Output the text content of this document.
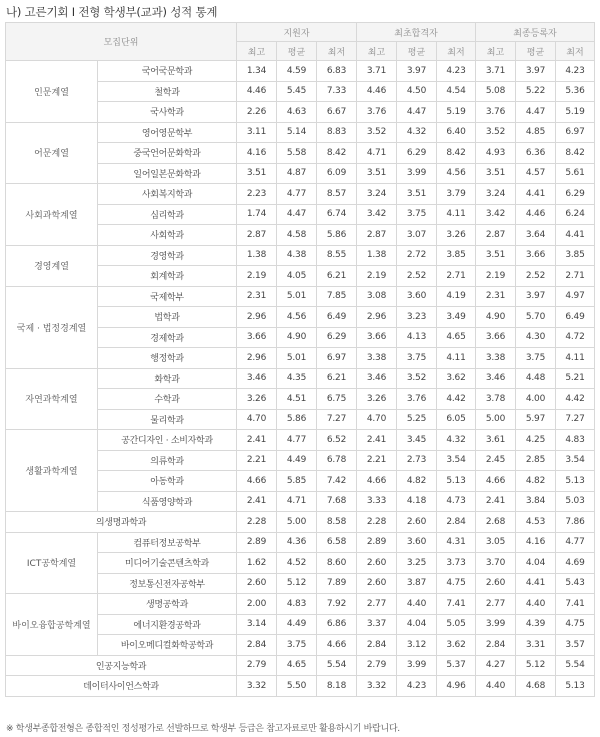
나) 고른기회 I 전형 학생부(교과) 성적 통계
모집단위		지원자			최초합격자			최종등록자		
		최고	평균	최저	최고	평균	최저	최고	평균	최저
인문계열	국어국문학과	1.34	4.59	6.83	3.71	3.97	4.23	3.71	3.97	4.23
	철학과	4.46	5.45	7.33	4.46	4.50	4.54	5.08	5.22	5.36
	국사학과	2.26	4.63	6.67	3.76	4.47	5.19	3.76	4.47	5.19
어문계열	영어영문학부	3.11	5.14	8.83	3.52	4.32	6.40	3.52	4.85	6.97
	중국언어문화학과	4.16	5.58	8.42	4.71	6.29	8.42	4.93	6.36	8.42
	일어일본문화학과	3.51	4.87	6.09	3.51	3.99	4.56	3.51	4.57	5.61
사회과학계열	사회복지학과	2.23	4.77	8.57	3.24	3.51	3.79	3.24	4.41	6.29
	심리학과	1.74	4.47	6.74	3.42	3.75	4.11	3.42	4.46	6.24
	사회학과	2.87	4.58	5.86	2.87	3.07	3.26	2.87	3.64	4.41
경영계열	경영학과	1.38	4.38	8.55	1.38	2.72	3.85	3.51	3.66	3.85
	회계학과	2.19	4.05	6.21	2.19	2.52	2.71	2.19	2.52	2.71
국제 · 법정경계열	국제학부	2.31	5.01	7.85	3.08	3.60	4.19	2.31	3.97	4.97
	법학과	2.96	4.56	6.49	2.96	3.23	3.49	4.90	5.70	6.49
	경제학과	3.66	4.90	6.29	3.66	4.13	4.65	3.66	4.30	4.72
	행정학과	2.96	5.01	6.97	3.38	3.75	4.11	3.38	3.75	4.11
자연과학계열	화학과	3.46	4.35	6.21	3.46	3.52	3.62	3.46	4.48	5.21
	수학과	3.26	4.51	6.75	3.26	3.76	4.42	3.78	4.00	4.42
	물리학과	4.70	5.86	7.27	4.70	5.25	6.05	5.00	5.97	7.27
생활과학계열	공간디자인 · 소비자학과	2.41	4.77	6.52	2.41	3.45	4.32	3.61	4.25	4.83
	의류학과	2.21	4.49	6.78	2.21	2.73	3.54	2.45	2.85	3.54
	아동학과	4.66	5.85	7.42	4.66	4.82	5.13	4.66	4.82	5.13
	식품영양학과	2.41	4.71	7.68	3.33	4.18	4.73	2.41	3.84	5.03
의생명과학과		2.28	5.00	8.58	2.28	2.60	2.84	2.68	4.53	7.86
ICT공학계열	컴퓨터정보공학부	2.89	4.36	6.58	2.89	3.60	4.31	3.05	4.16	4.77
	미디어기술콘텐츠학과	1.62	4.52	8.60	2.60	3.25	3.73	3.70	4.04	4.69
	정보통신전자공학부	2.60	5.12	7.89	2.60	3.87	4.75	2.60	4.41	5.43
바이오융합공학계열	생명공학과	2.00	4.83	7.92	2.77	4.40	7.41	2.77	4.40	7.41
	에너지환경공학과	3.14	4.49	6.86	3.37	4.04	5.05	3.99	4.39	4.75
	바이오메디컬화학공학과	2.84	3.75	4.66	2.84	3.12	3.62	2.84	3.31	3.57
인공지능학과		2.79	4.65	5.54	2.79	3.99	5.37	4.27	5.12	5.54
데이터사이언스학과		3.32	5.50	8.18	3.32	4.23	4.96	4.40	4.68	5.13
※ 학생부종합전형은 종합적인 정성평가로 선발하므로 학생부 등급은 참고자료로만 활용하시기 바랍니다.
